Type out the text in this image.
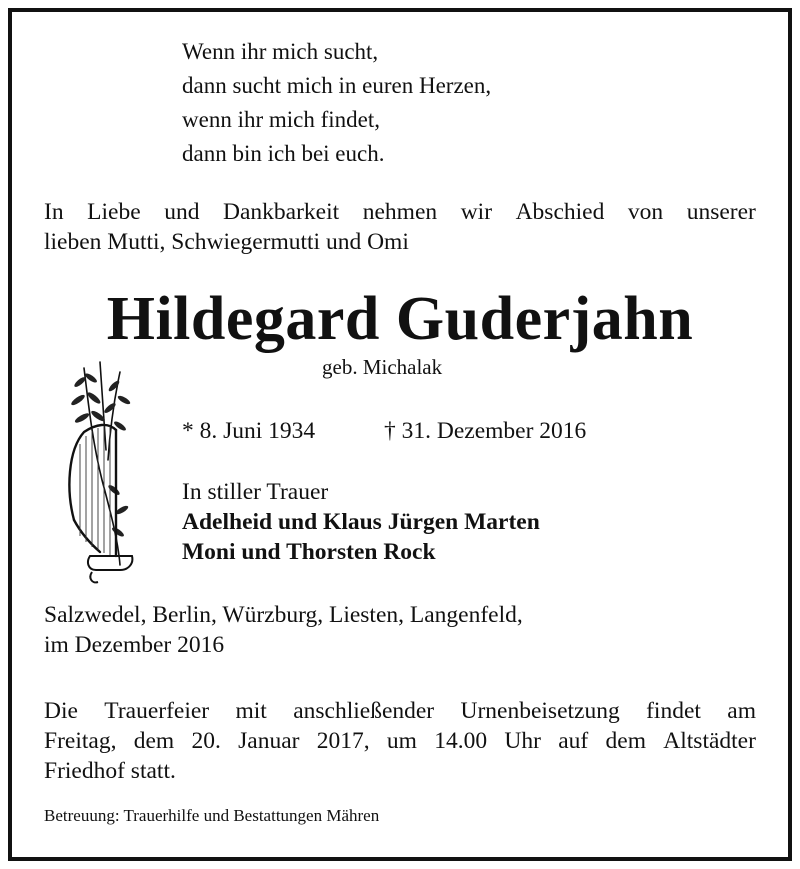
Wenn ihr mich sucht,
dann sucht mich in euren Herzen,
wenn ihr mich findet,
dann bin ich bei euch.
In Liebe und Dankbarkeit nehmen wir Abschied von unserer
lieben Mutti, Schwiegermutti und Omi
Hildegard Guderjahn
geb. Michalak
* 8. Juni 1934	† 31. Dezember 2016
In stiller Trauer
Adelheid und Klaus Jürgen Marten
Moni und Thorsten Rock
Salzwedel, Berlin, Würzburg, Liesten, Langenfeld,
im Dezember 2016
Die Trauerfeier mit anschließender Urnenbeisetzung findet am
Freitag, dem 20. Januar 2017, um 14.00 Uhr auf dem Altstädter
Friedhof statt.
Betreuung: Trauerhilfe und Bestattungen Mähren
